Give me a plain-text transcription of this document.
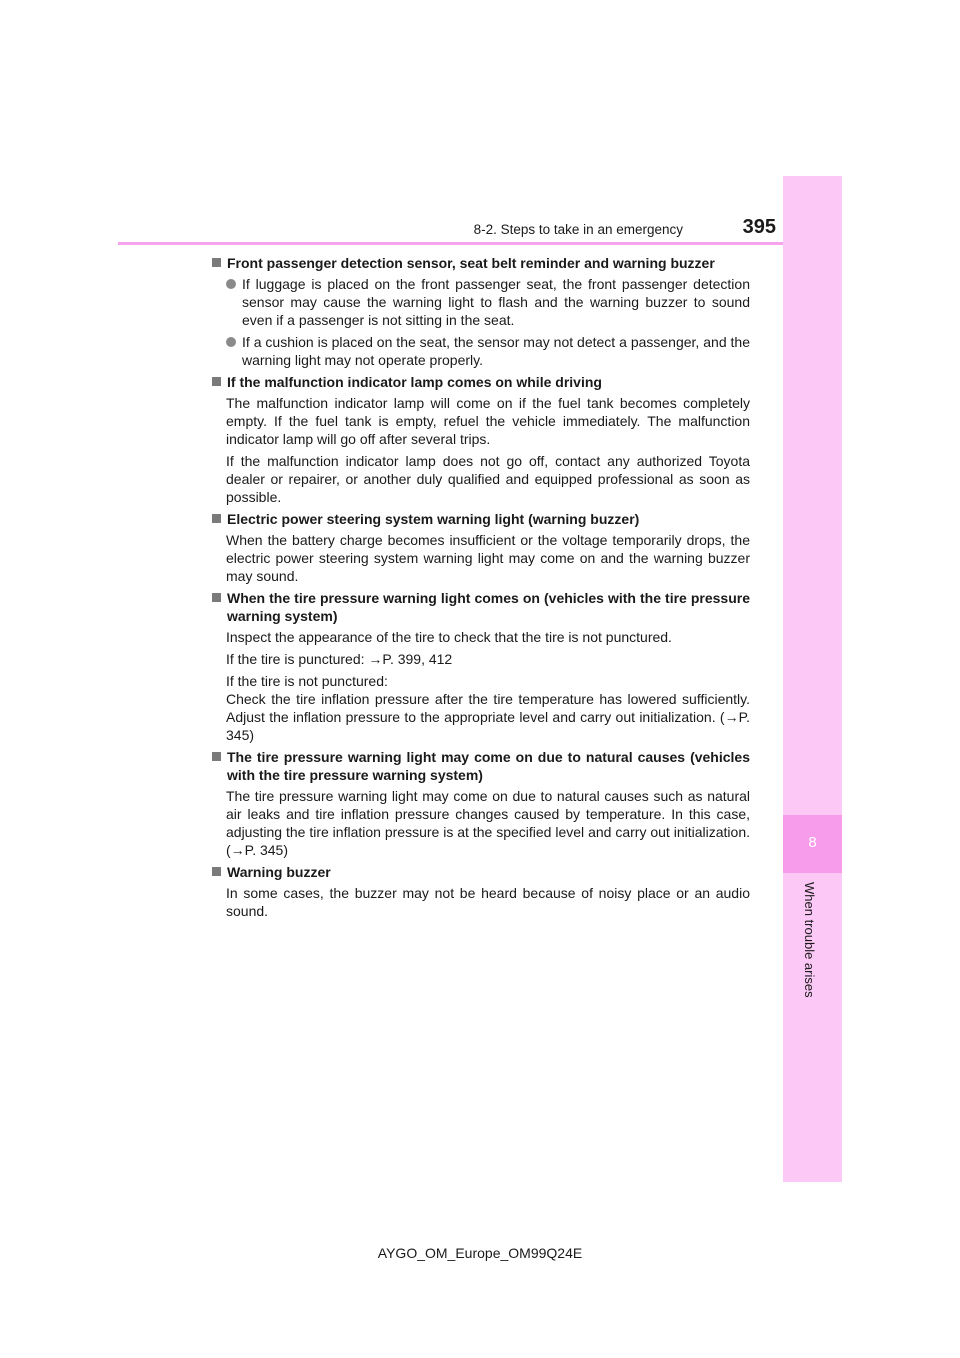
8-2. Steps to take in an emergency	395
8
When trouble arises
Front passenger detection sensor, seat belt reminder and warning buzzer
If luggage is placed on the front passenger seat, the front passenger detection sensor may cause the warning light to flash and the warning buzzer to sound even if a passenger is not sitting in the seat.
If a cushion is placed on the seat, the sensor may not detect a passenger, and the warning light may not operate properly.
If the malfunction indicator lamp comes on while driving

The malfunction indicator lamp will come on if the fuel tank becomes completely empty. If the fuel tank is empty, refuel the vehicle immediately. The malfunction indicator lamp will go off after several trips.

If the malfunction indicator lamp does not go off, contact any authorized Toyota dealer or repairer, or another duly qualified and equipped professional as soon as possible.

Electric power steering system warning light (warning buzzer)

When the battery charge becomes insufficient or the voltage temporarily drops, the electric power steering system warning light may come on and the warning buzzer may sound.

When the tire pressure warning light comes on (vehicles with the tire pressure warning system)

Inspect the appearance of the tire to check that the tire is not punctured.

If the tire is punctured: →P. 399, 412

If the tire is not punctured:

Check the tire inflation pressure after the tire temperature has lowered sufficiently. Adjust the inflation pressure to the appropriate level and carry out initialization. (→P. 345)

The tire pressure warning light may come on due to natural causes (vehicles with the tire pressure warning system)

The tire pressure warning light may come on due to natural causes such as natural air leaks and tire inflation pressure changes caused by temperature. In this case, adjusting the tire inflation pressure is at the specified level and carry out initialization. (→P. 345)

Warning buzzer

In some cases, the buzzer may not be heard because of noisy place or an audio sound.

AYGO_OM_Europe_OM99Q24E
